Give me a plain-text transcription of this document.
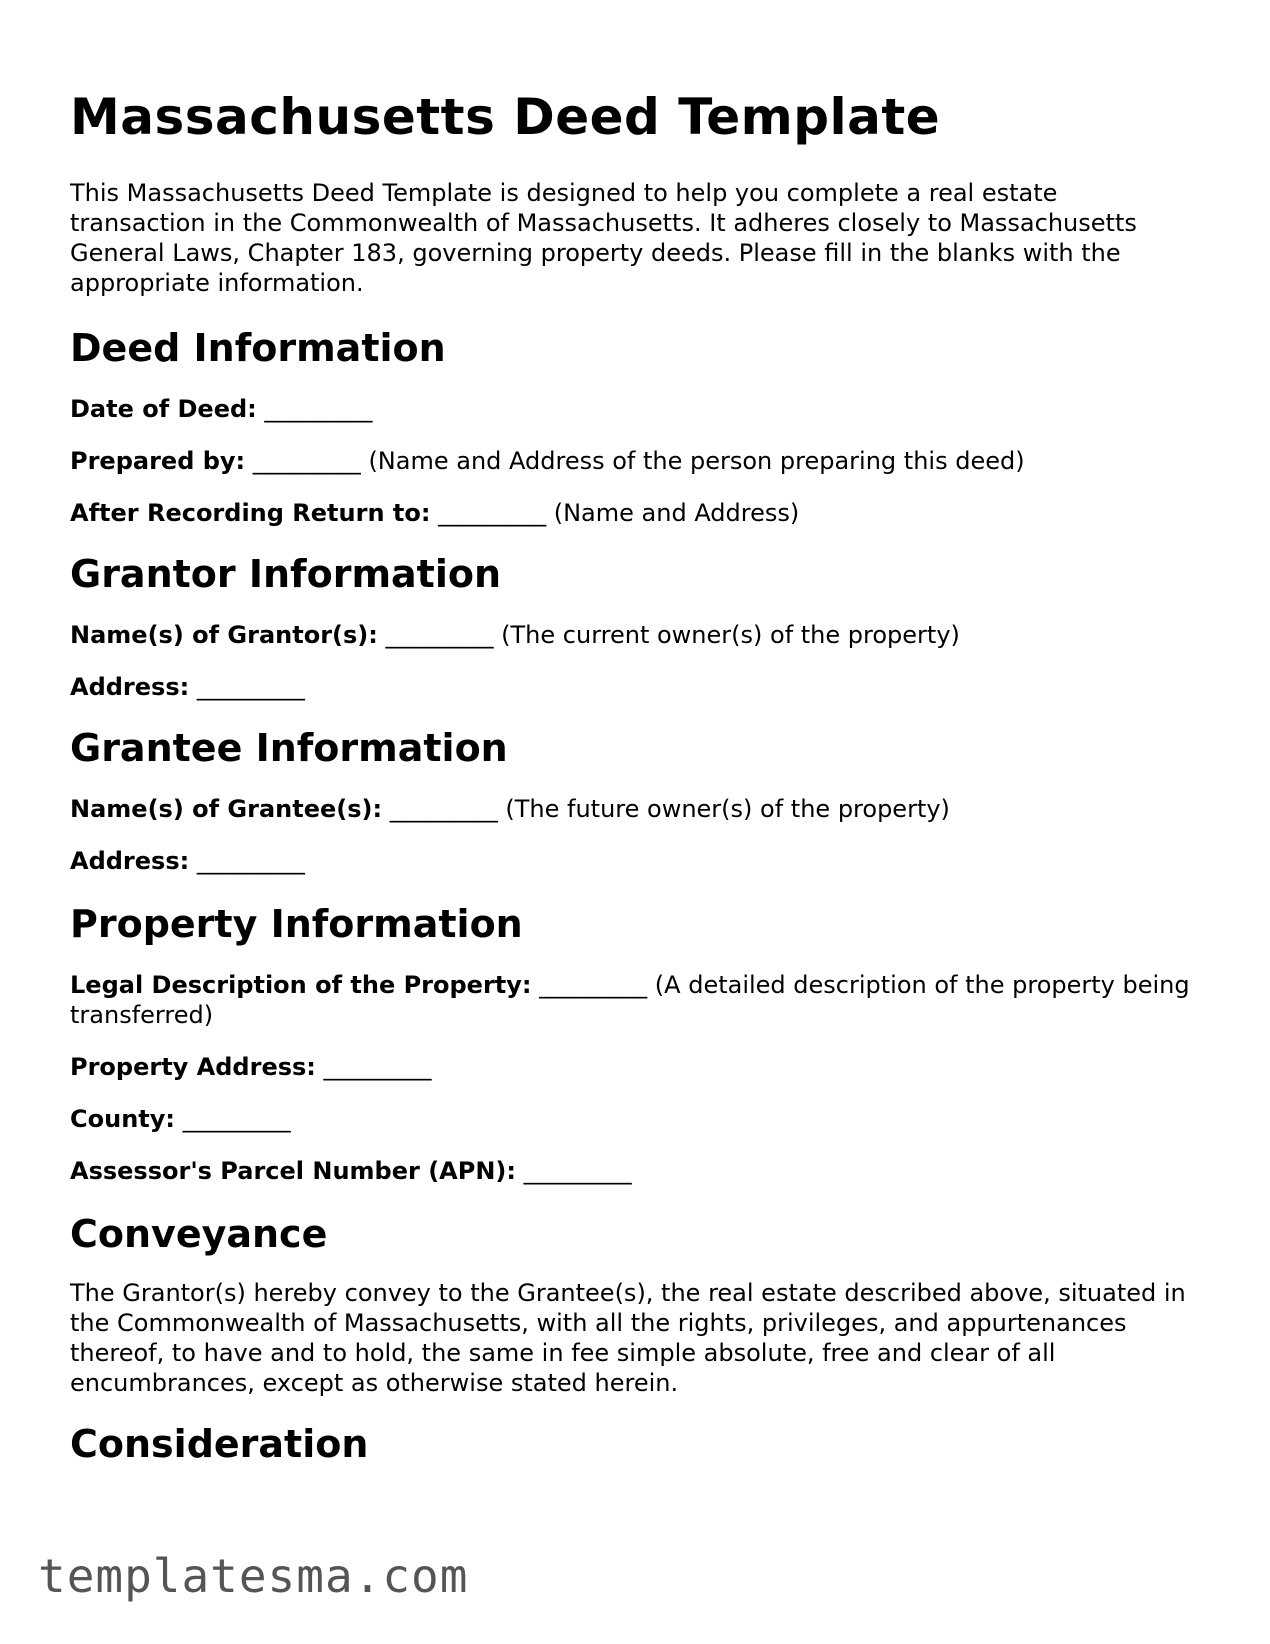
Massachusetts Deed Template

This Massachusetts Deed Template is designed to help you complete a real estate transaction in the Commonwealth of Massachusetts. It adheres closely to Massachusetts General Laws, Chapter 183, governing property deeds. Please fill in the blanks with the appropriate information.

Deed Information

Date of Deed: _________

Prepared by: _________ (Name and Address of the person preparing this deed)

After Recording Return to: _________ (Name and Address)

Grantor Information

Name(s) of Grantor(s): _________ (The current owner(s) of the property)

Address: _________

Grantee Information

Name(s) of Grantee(s): _________ (The future owner(s) of the property)

Address: _________

Property Information

Legal Description of the Property: _________ (A detailed description of the property being transferred)

Property Address: _________

County: _________

Assessor's Parcel Number (APN): _________

Conveyance

The Grantor(s) hereby convey to the Grantee(s), the real estate described above, situated in the Commonwealth of Massachusetts, with all the rights, privileges, and appurtenances thereof, to have and to hold, the same in fee simple absolute, free and clear of all encumbrances, except as otherwise stated herein.

Consideration
templatesma.com
